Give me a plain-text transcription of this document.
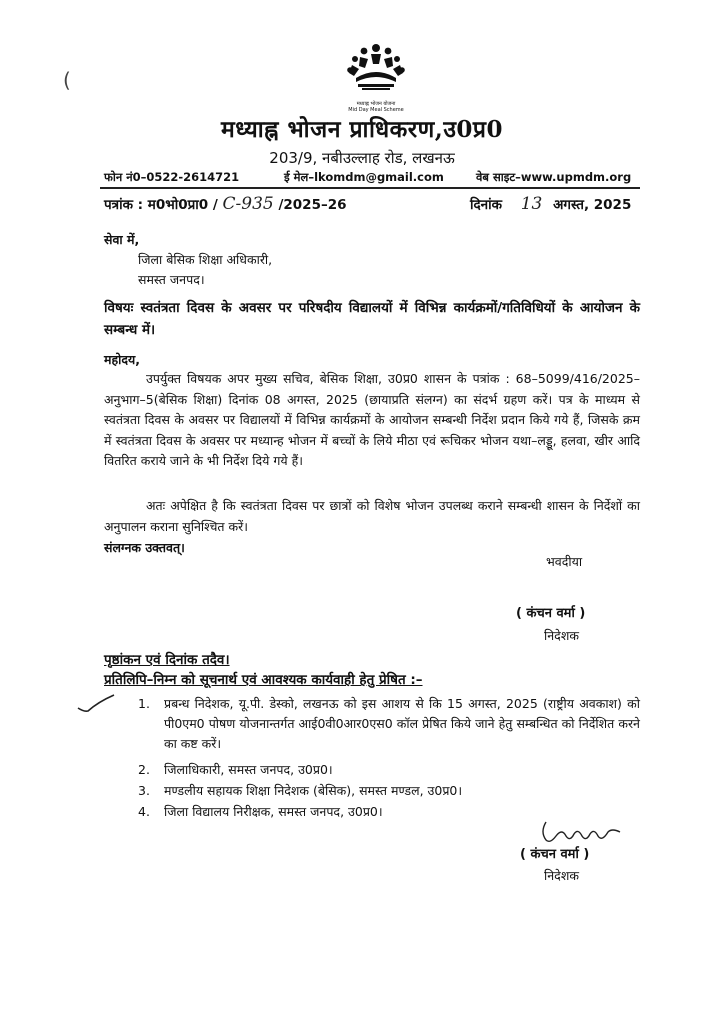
(
मध्याह्न भोजन योजना
Mid Day Meal Scheme
मध्याह्न भोजन प्राधिकरण,उ0प्र0
203/9, नबीउल्लाह रोड, लखनऊ
फोन नं0–0522-2614721	ई मेल–lkomdm@gmail.com	वेब साइट–www.upmdm.org
पत्रांक : म0भो0प्रा0 / C-935 /2025–26	दिनांक 13 अगस्त, 2025
सेवा में,
जिला बेसिक शिक्षा अधिकारी,
समस्त जनपद।
विषयः स्वतंत्रता दिवस के अवसर पर परिषदीय विद्यालयों में विभिन्न कार्यक्रमों/गतिविधियों के आयोजन के सम्बन्ध में।
महोदय,
उपर्युक्त विषयक अपर मुख्य सचिव, बेसिक शिक्षा, उ0प्र0 शासन के पत्रांक : 68–5099/416/2025–अनुभाग–5(बेसिक शिक्षा) दिनांक 08 अगस्त, 2025 (छायाप्रति संलग्न) का संदर्भ ग्रहण करें। पत्र के माध्यम से स्वतंत्रता दिवस के अवसर पर विद्यालयों में विभिन्न कार्यक्रमों के आयोजन सम्बन्धी निर्देश प्रदान किये गये हैं, जिसके क्रम में स्वतंत्रता दिवस के अवसर पर मध्यान्ह भोजन में बच्चों के लिये मीठा एवं रूचिकर भोजन यथा–लड्डू, हलवा, खीर आदि वितरित कराये जाने के भी निर्देश दिये गये हैं।
अतः अपेक्षित है कि स्वतंत्रता दिवस पर छात्रों को विशेष भोजन उपलब्ध कराने सम्बन्धी शासन के निर्देशों का अनुपालन कराना सुनिश्चित करें।
संलग्नक उक्तवत्।
भवदीया
( कंचन वर्मा )
निदेशक
पृष्ठांकन एवं दिनांक तदैव।
प्रतिलिपि–निम्न को सूचनार्थ एवं आवश्यक कार्यवाही हेतु प्रेषित :–
1. प्रबन्ध निदेशक, यू.पी. डेस्को, लखनऊ को इस आशय से कि 15 अगस्त, 2025 (राष्ट्रीय अवकाश) को पी0एम0 पोषण योजनान्तर्गत आई0वी0आर0एस0 कॉल प्रेषित किये जाने हेतु सम्बन्धित को निर्देशित करने का कष्ट करें।
2. जिलाधिकारी, समस्त जनपद, उ0प्र0।
3. मण्डलीय सहायक शिक्षा निदेशक (बेसिक), समस्त मण्डल, उ0प्र0।
4. जिला विद्यालय निरीक्षक, समस्त जनपद, उ0प्र0।
( कंचन वर्मा )
निदेशक
